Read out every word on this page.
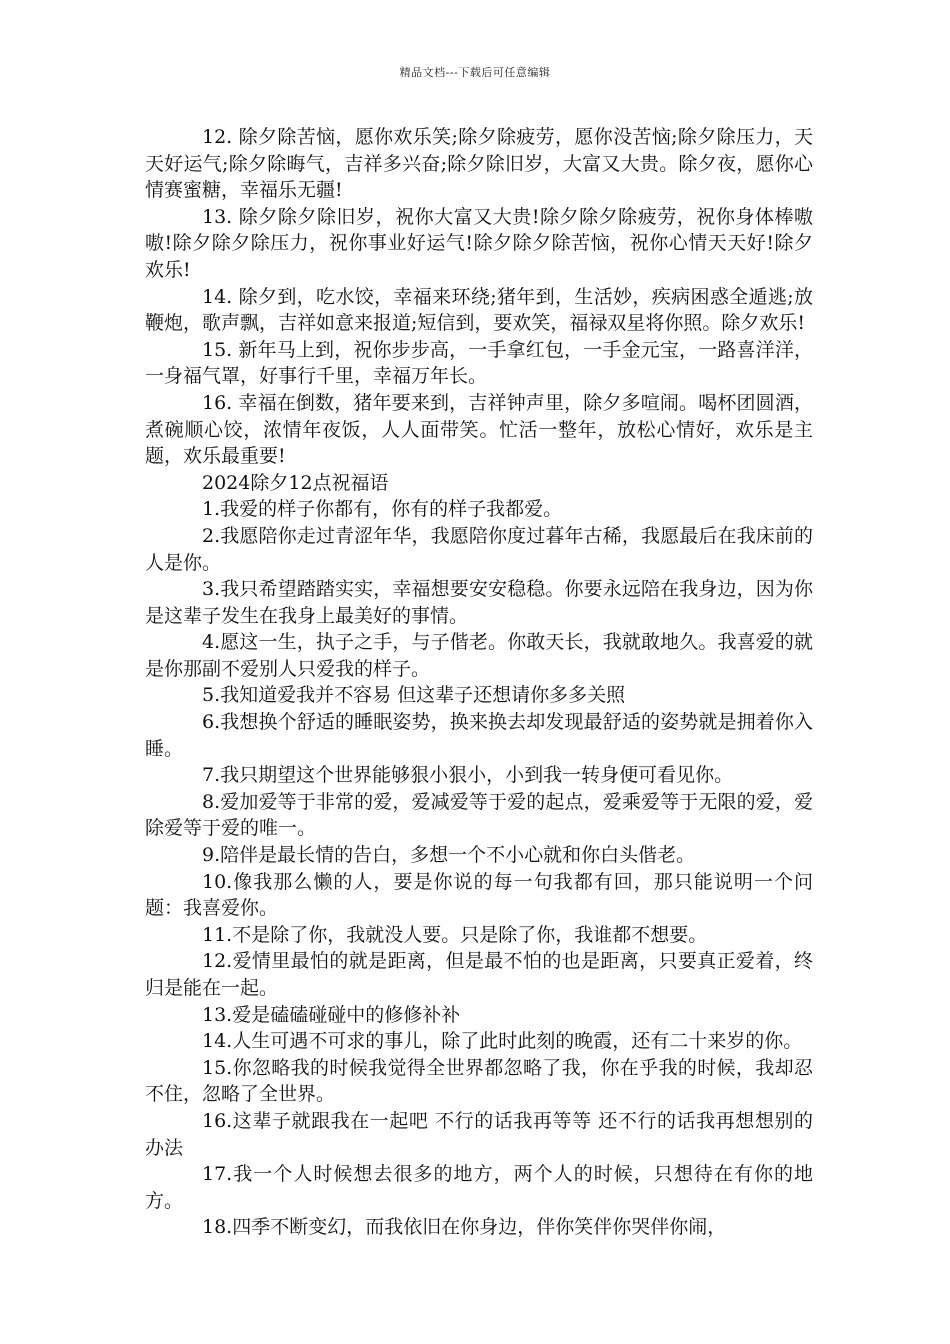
精品文档---下载后可任意编辑

12. 除夕除苦恼，愿你欢乐笑;除夕除疲劳，愿你没苦恼;除夕除压力，天天好运气;除夕除晦气，吉祥多兴奋;除夕除旧岁，大富又大贵。除夕夜，愿你心情赛蜜糖，幸福乐无疆!

13. 除夕除夕除旧岁，祝你大富又大贵!除夕除夕除疲劳，祝你身体棒嗷嗷!除夕除夕除压力，祝你事业好运气!除夕除夕除苦恼，祝你心情天天好!除夕欢乐!

14. 除夕到，吃水饺，幸福来环绕;猪年到，生活妙，疾病困惑全遁逃;放鞭炮，歌声飘，吉祥如意来报道;短信到，要欢笑，福禄双星将你照。除夕欢乐!

15. 新年马上到，祝你步步高，一手拿红包，一手金元宝，一路喜洋洋，一身福气罩，好事行千里，幸福万年长。

16. 幸福在倒数，猪年要来到，吉祥钟声里，除夕多喧闹。喝杯团圆酒，煮碗顺心饺，浓情年夜饭，人人面带笑。忙活一整年，放松心情好，欢乐是主题，欢乐最重要!

2024除夕12点祝福语

1.我爱的样子你都有，你有的样子我都爱。

2.我愿陪你走过青涩年华，我愿陪你度过暮年古稀，我愿最后在我床前的人是你。

3.我只希望踏踏实实，幸福想要安安稳稳。你要永远陪在我身边，因为你是这辈子发生在我身上最美好的事情。

4.愿这一生，执子之手，与子偕老。你敢天长，我就敢地久。我喜爱的就是你那副不爱别人只爱我的样子。

5.我知道爱我并不容易 但这辈子还想请你多多关照

6.我想换个舒适的睡眠姿势，换来换去却发现最舒适的姿势就是拥着你入睡。

7.我只期望这个世界能够狠小狠小，小到我一转身便可看见你。

8.爱加爱等于非常的爱，爱减爱等于爱的起点，爱乘爱等于无限的爱，爱除爱等于爱的唯一。

9.陪伴是最长情的告白，多想一个不小心就和你白头偕老。

10.像我那么懒的人，要是你说的每一句我都有回，那只能说明一个问题：我喜爱你。

11.不是除了你，我就没人要。只是除了你，我谁都不想要。

12.爱情里最怕的就是距离，但是最不怕的也是距离，只要真正爱着，终归是能在一起。

13.爱是磕磕碰碰中的修修补补

14.人生可遇不可求的事儿，除了此时此刻的晚霞，还有二十来岁的你。

15.你忽略我的时候我觉得全世界都忽略了我，你在乎我的时候，我却忍不住，忽略了全世界。

16.这辈子就跟我在一起吧 不行的话我再等等 还不行的话我再想想别的办法

17.我一个人时候想去很多的地方，两个人的时候，只想待在有你的地方。

18.四季不断变幻，而我依旧在你身边，伴你笑伴你哭伴你闹，
